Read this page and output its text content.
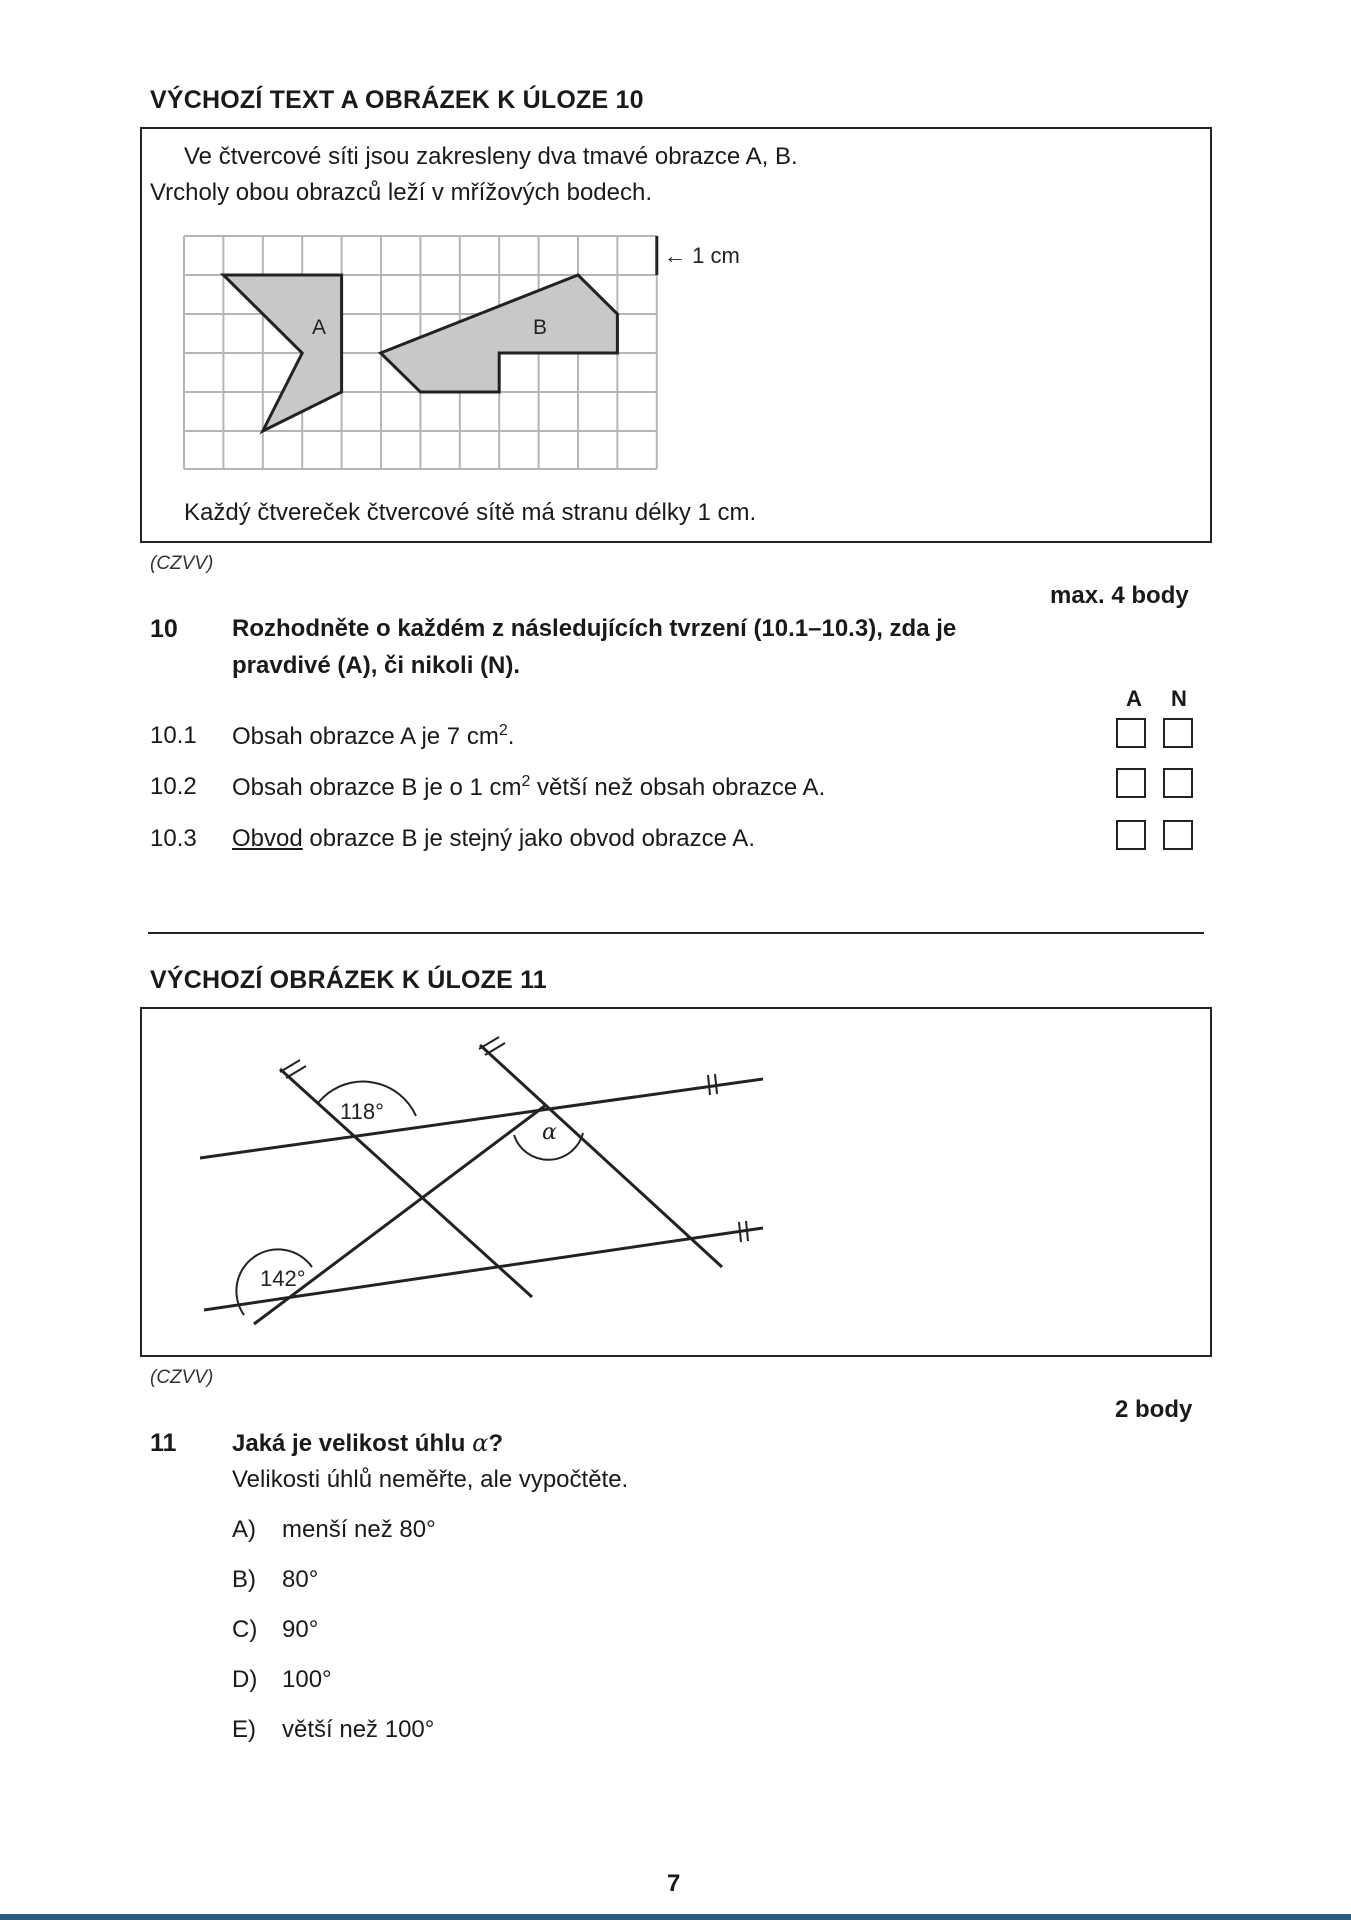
VÝCHOZÍ TEXT A OBRÁZEK K ÚLOZE 10
Ve čtvercové síti jsou zakresleny dva tmavé obrazce A, B.
Vrcholy obou obrazců leží v mřížových bodech.
A	B
← 1 cm
Každý čtvereček čtvercové sítě má stranu délky 1 cm.
(CZVV)
max. 4 body
10 Rozhodněte o každém z následujících tvrzení (10.1–10.3), zda je
pravdivé (A), či nikoli (N).
A N
10.1 Obsah obrazce A je 7 $cm^2$.
10.2 Obsah obrazce B je o 1 $cm^2$ větší než obsah obrazce A.
10.3 Obvod obrazce B je stejný jako obvod obrazce A.
VÝCHOZÍ OBRÁZEK K ÚLOZE 11
118°
α
142°
(CZVV)
2 body
11 Jaká je velikost úhlu α?
Velikosti úhlů neměřte, ale vypočtěte.
A) menší než 80°
B) 80°
C) 90°
D) 100°
E) větší než 100°
7
